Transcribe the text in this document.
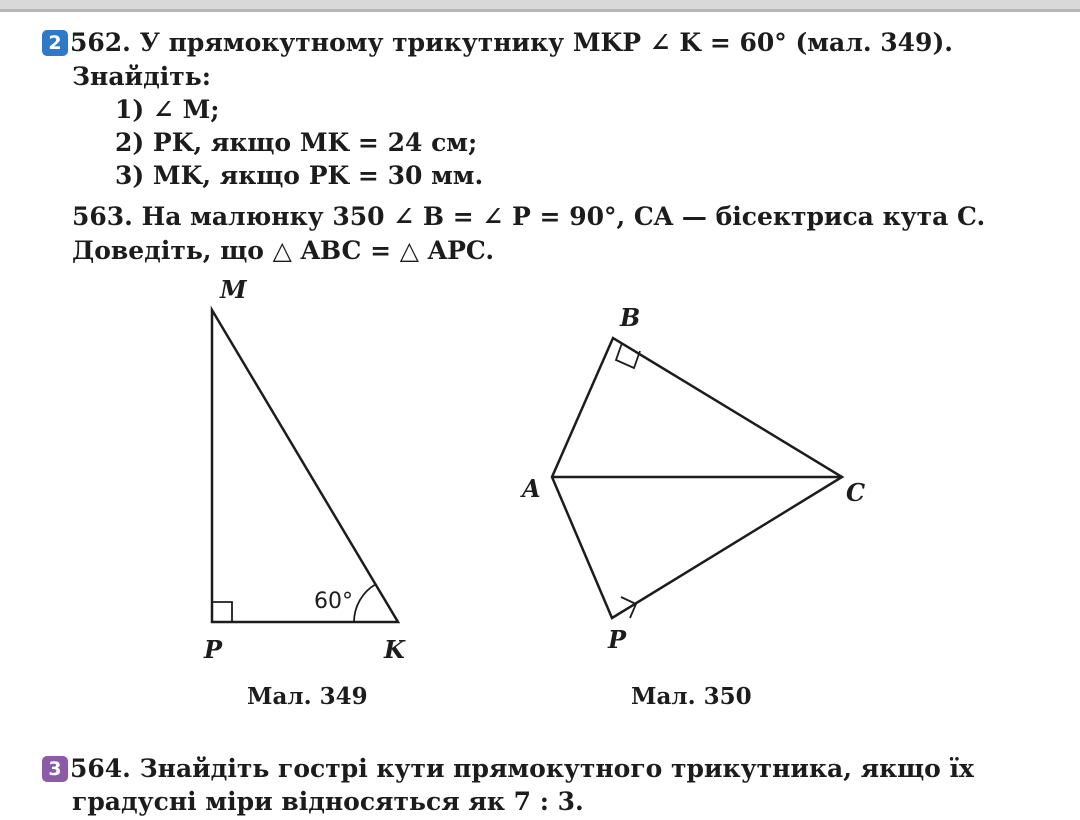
2 562. У прямокутному трикутнику MKP ∠ K = 60° (мал. 349).
Знайдіть:
1) ∠ M;
2) PK, якщо MK = 24 см;
3) MK, якщо PK = 30 мм.
563. На малюнку 350 ∠ B = ∠ P = 90°, CA — бісектриса кута C.
Доведіть, що △ ABC = △ APC.
M
P	K
60°
B
A	C
P
Мал. 349	Мал. 350
3 564. Знайдіть гострі кути прямокутного трикутника, якщо їх
градусні міри відносяться як 7 : 3.
